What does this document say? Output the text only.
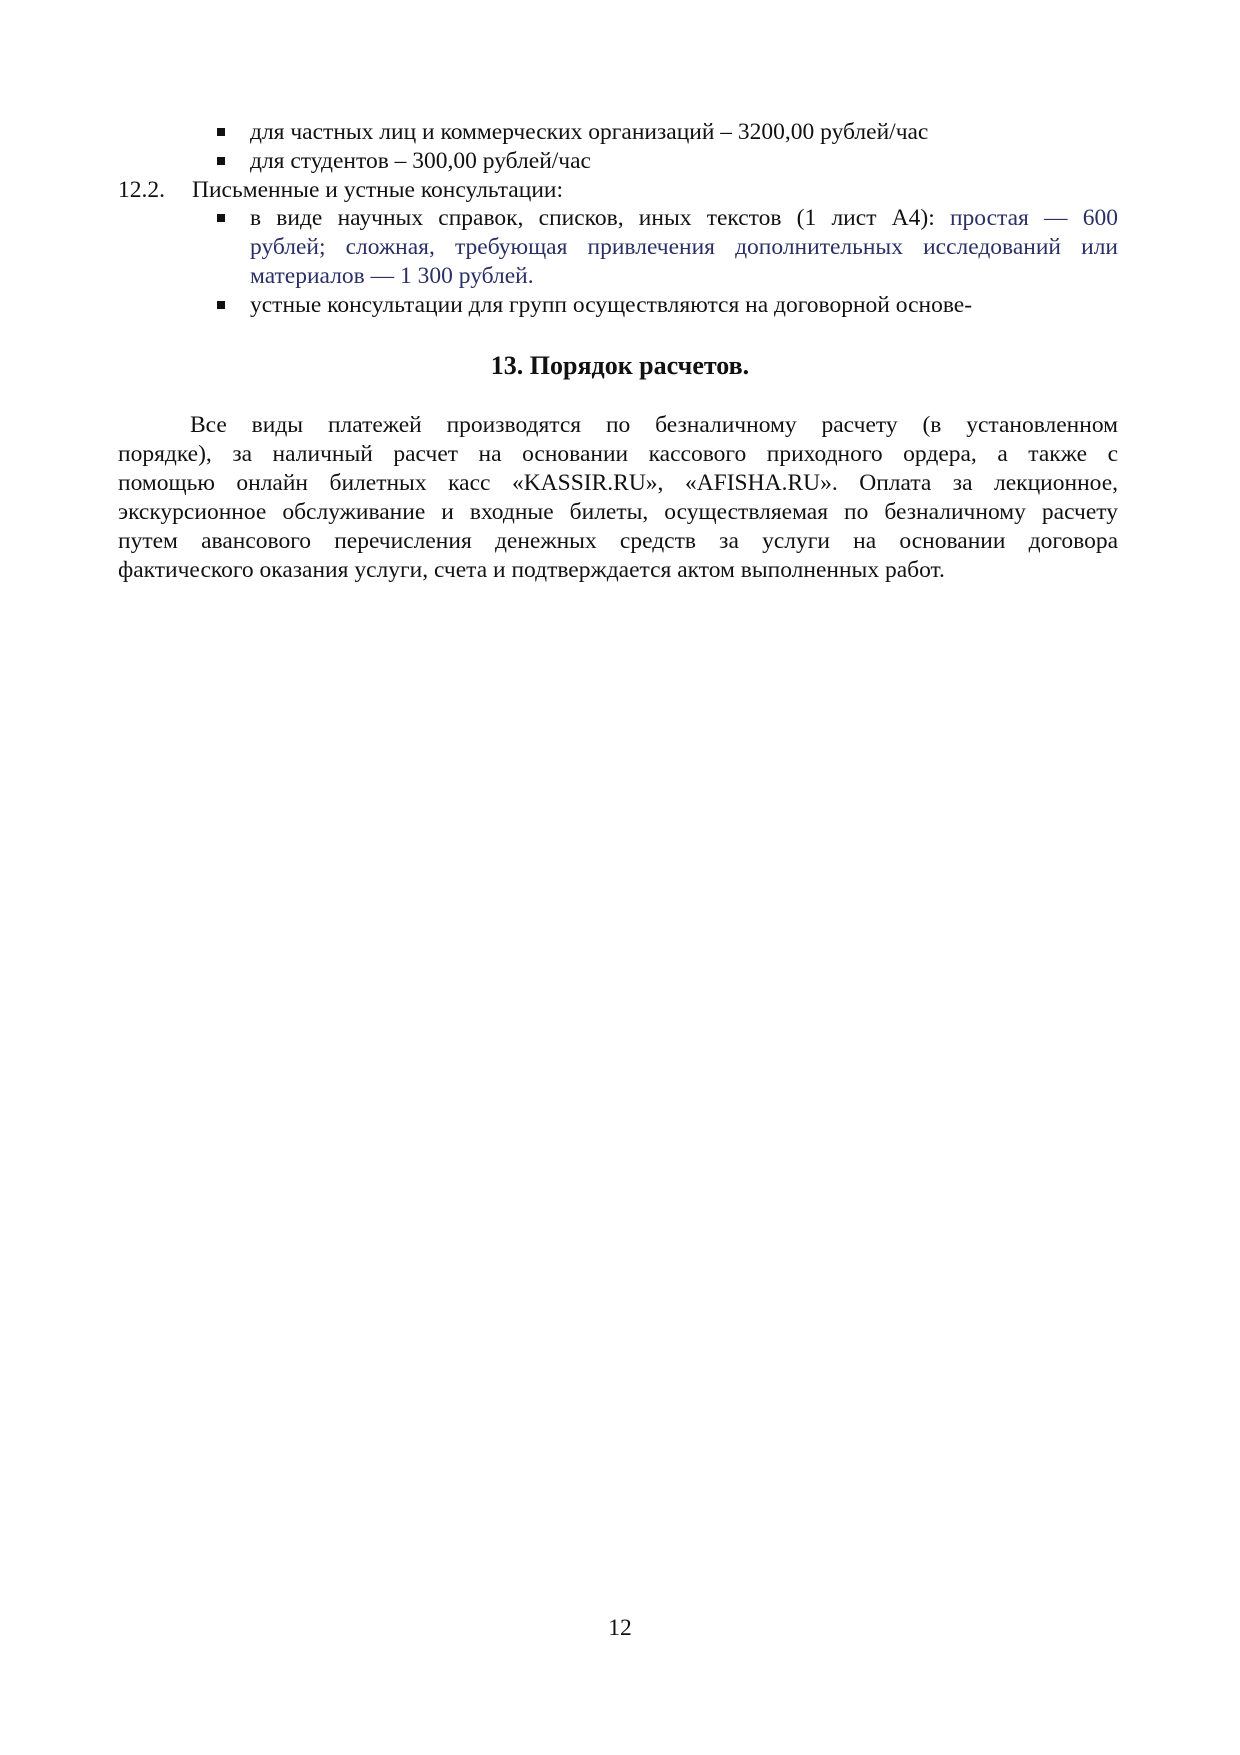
для частных лиц и коммерческих организаций – 3200,00 рублей/час
для студентов – 300,00 рублей/час
12.2. Письменные и устные консультации:
в виде научных справок, списков, иных текстов (1 лист А4): простая — 600
рублей; сложная, требующая привлечения дополнительных исследований или
материалов — 1 300 рублей.
устные консультации для групп осуществляются на договорной основе-
13. Порядок расчетов.
Все виды платежей производятся по безналичному расчету (в установленном
порядке), за наличный расчет на основании кассового приходного ордера, а также с
помощью онлайн билетных касс «KASSIR.RU», «AFISHA.RU». Оплата за лекционное,
экскурсионное обслуживание и входные билеты, осуществляемая по безналичному расчету
путем авансового перечисления денежных средств за услуги на основании договора
фактического оказания услуги, счета и подтверждается актом выполненных работ.
12
